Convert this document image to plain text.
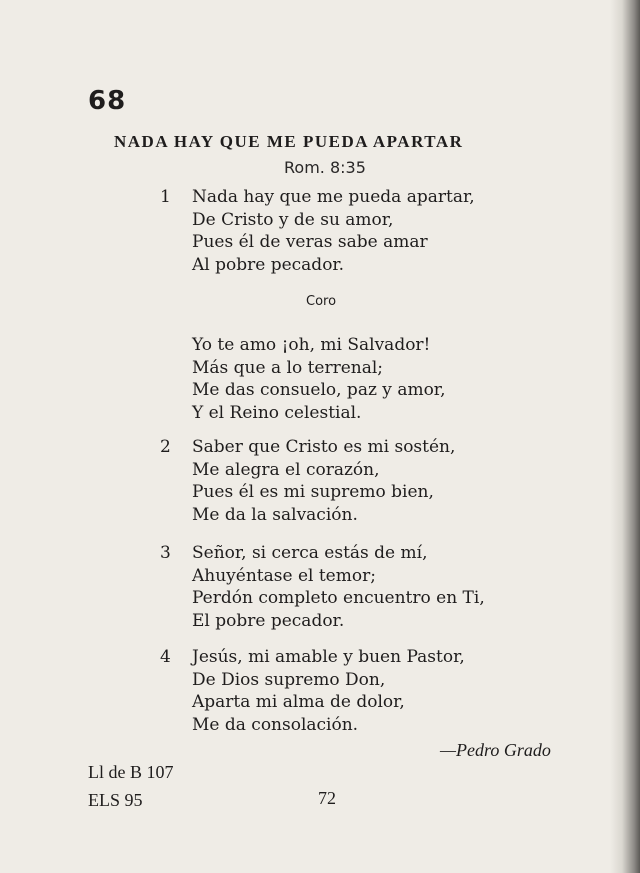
68
NADA HAY QUE ME PUEDA APARTAR
Rom. 8:35
1	Nada hay que me pueda apartar,
De Cristo y de su amor,
Pues él de veras sabe amar
Al pobre pecador.
Coro
Yo te amo ¡oh, mi Salvador!
Más que a lo terrenal;
Me das consuelo, paz y amor,
Y el Reino celestial.
2	Saber que Cristo es mi sostén,
Me alegra el corazón,
Pues él es mi supremo bien,
Me da la salvación.
3	Señor, si cerca estás de mí,
Ahuyéntase el temor;
Perdón completo encuentro en Ti,
El pobre pecador.
4	Jesús, mi amable y buen Pastor,
De Dios supremo Don,
Aparta mi alma de dolor,
Me da consolación.
—Pedro Grado
Ll de B 107
ELS 95	72
